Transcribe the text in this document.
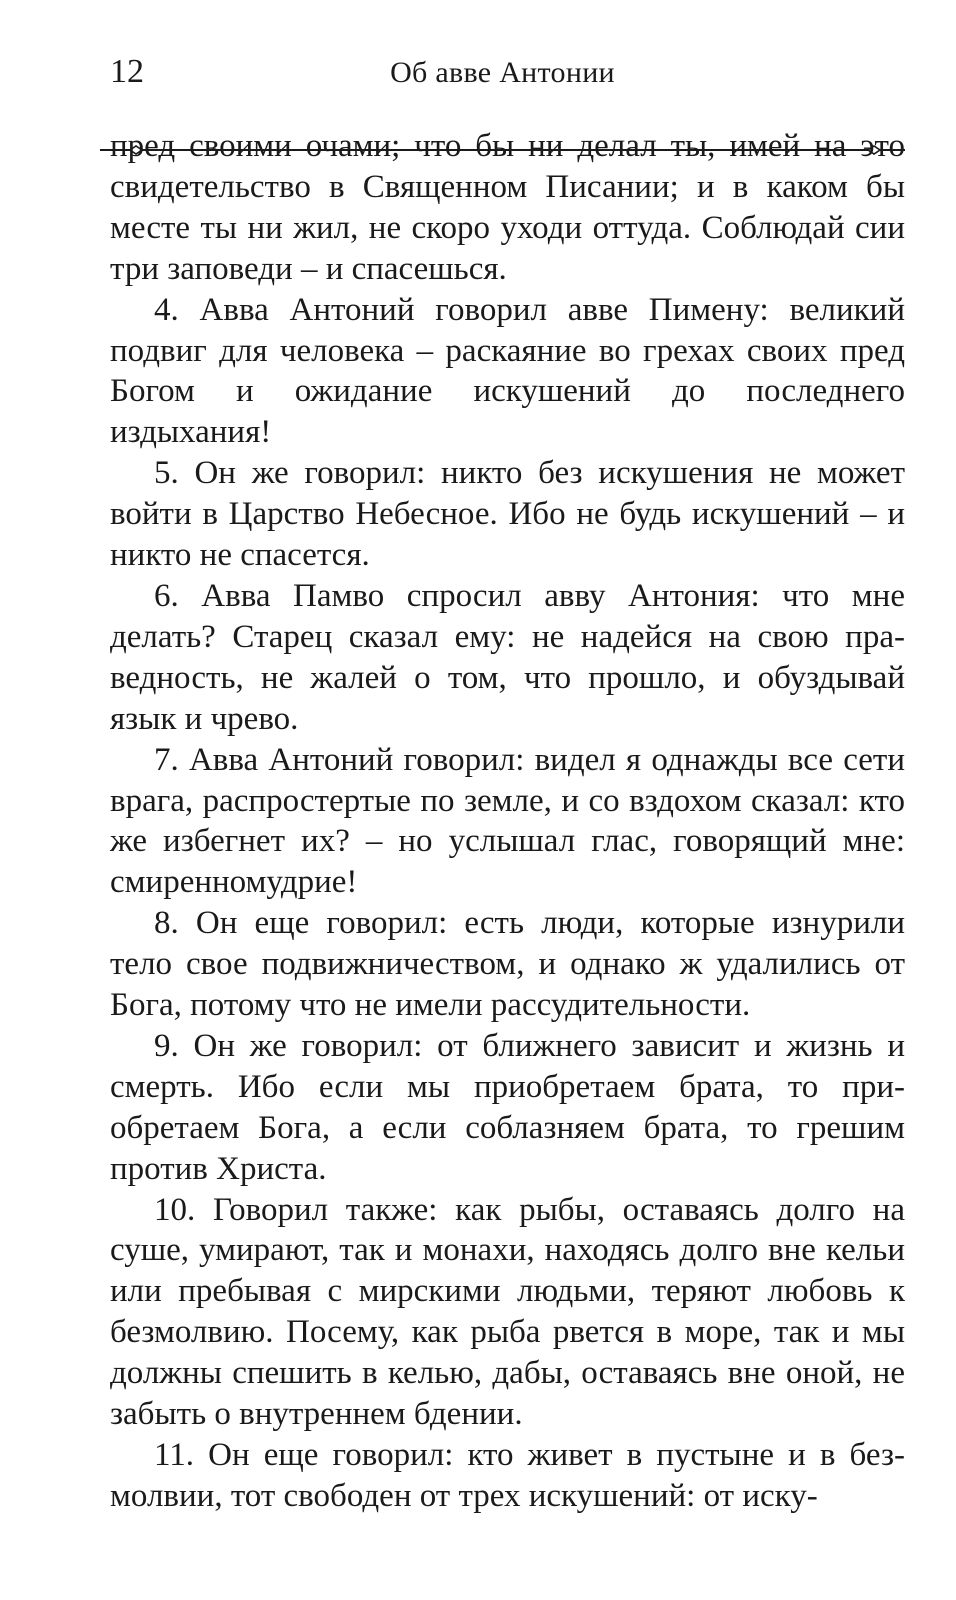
12	Об авве Антонии

пред своими очами; что бы ни делал ты, имей на это свидетельство в Священном Писании; и в каком бы месте ты ни жил, не скоро уходи оттуда. Соблюдай сии три заповеди – и спасешься.

4. Авва Антоний говорил авве Пимену: великий подвиг для человека – раскаяние во грехах своих пред Богом и ожидание искушений до последнего издыхания!

5. Он же говорил: никто без искушения не может войти в Царство Небесное. Ибо не будь искушений – и никто не спасется.

6. Авва Памво спросил авву Антония: что мне делать? Старец сказал ему: не надейся на свою праведность, не жалей о том, что прошло, и обуздывай язык и чрево.

7. Авва Антоний говорил: видел я однажды все сети врага, распростертые по земле, и со вздохом сказал: кто же избегнет их? – но услышал глас, говорящий мне: смиренномудрие!

8. Он еще говорил: есть люди, которые изнурили тело свое подвижничеством, и однако ж удалились от Бога, потому что не имели рассудительности.

9. Он же говорил: от ближнего зависит и жизнь и смерть. Ибо если мы приобретаем брата, то приобретаем Бога, а если соблазняем брата, то грешим против Христа.

10. Говорил также: как рыбы, оставаясь долго на суше, умирают, так и монахи, находясь долго вне кельи или пребывая с мирскими людьми, теряют любовь к безмолвию. Посему, как рыба рвется в море, так и мы должны спешить в келью, дабы, оставаясь вне оной, не забыть о внутреннем бдении.

11. Он еще говорил: кто живет в пустыне и в безмолвии, тот свободен от трех искушений: от иску-
